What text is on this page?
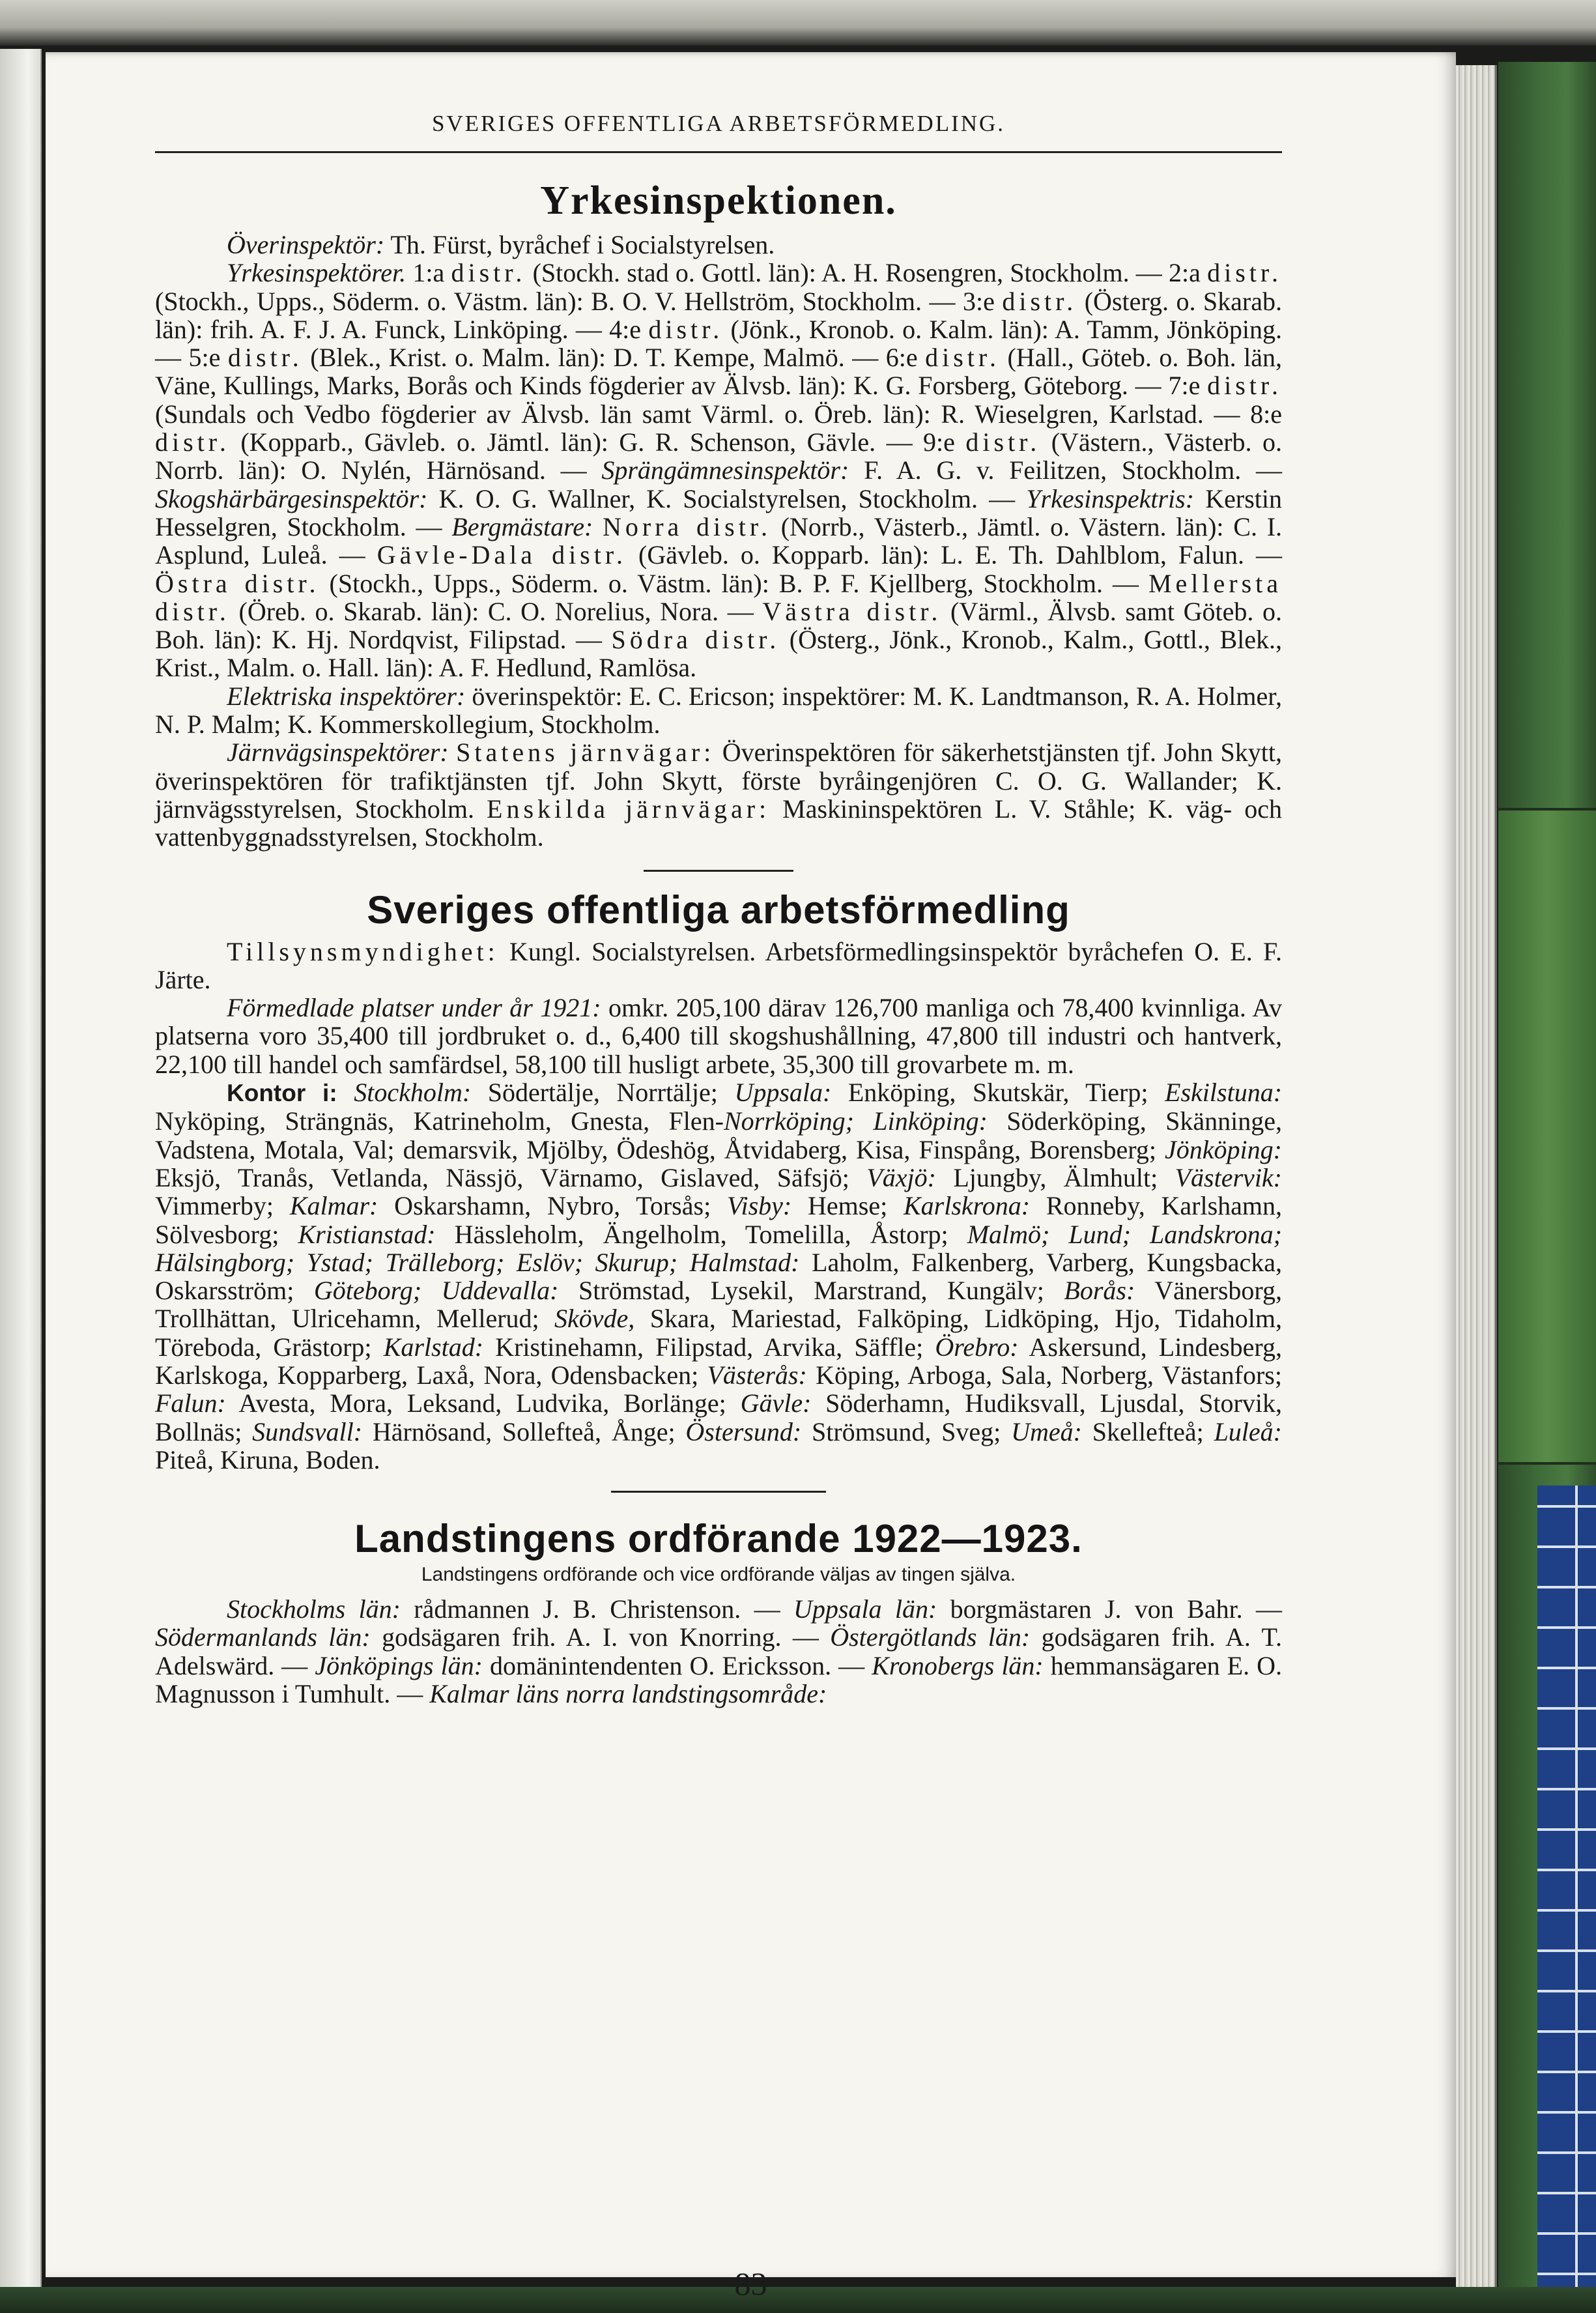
83
SVERIGES OFFENTLIGA ARBETSFÖRMEDLING.
Yrkesinspektionen.

Överinspektör: Th. Fürst, byråchef i Socialstyrelsen.

Yrkesinspektörer. 1:a distr. (Stockh. stad o. Gottl. län): A. H. Rosengren, Stockholm. — 2:a distr. (Stockh., Upps., Söderm. o. Västm. län): B. O. V. Hellström, Stockholm. — 3:e distr. (Österg. o. Skarab. län): frih. A. F. J. A. Funck, Linköping. — 4:e distr. (Jönk., Kronob. o. Kalm. län): A. Tamm, Jönköping. — 5:e distr. (Blek., Krist. o. Malm. län): D. T. Kempe, Malmö. — 6:e distr. (Hall., Göteb. o. Boh. län, Väne, Kullings, Marks, Borås och Kinds fögderier av Älvsb. län): K. G. Forsberg, Göteborg. — 7:e distr. (Sundals och Vedbo fögderier av Älvsb. län samt Värml. o. Öreb. län): R. Wieselgren, Karlstad. — 8:e distr. (Kopparb., Gävleb. o. Jämtl. län): G. R. Schenson, Gävle. — 9:e distr. (Västern., Västerb. o. Norrb. län): O. Nylén, Härnösand. — Sprängämnesinspektör: F. A. G. v. Feilitzen, Stockholm. — Skogshärbärgesinspektör: K. O. G. Wallner, K. Socialstyrelsen, Stockholm. — Yrkesinspektris: Kerstin Hesselgren, Stockholm. — Bergmästare: Norra distr. (Norrb., Västerb., Jämtl. o. Västern. län): C. I. Asplund, Luleå. — Gävle-Dala distr. (Gävleb. o. Kopparb. län): L. E. Th. Dahlblom, Falun. — Östra distr. (Stockh., Upps., Söderm. o. Västm. län): B. P. F. Kjellberg, Stockholm. — Mellersta distr. (Öreb. o. Skarab. län): C. O. Norelius, Nora. — Västra distr. (Värml., Älvsb. samt Göteb. o. Boh. län): K. Hj. Nordqvist, Filipstad. — Södra distr. (Österg., Jönk., Kronob., Kalm., Gottl., Blek., Krist., Malm. o. Hall. län): A. F. Hedlund, Ramlösa.

Elektriska inspektörer: överinspektör: E. C. Ericson; inspektörer: M. K. Landtmanson, R. A. Holmer, N. P. Malm; K. Kommerskollegium, Stockholm.

Järnvägsinspektörer: Statens järnvägar: Överinspektören för säkerhetstjänsten tjf. John Skytt, överinspektören för trafiktjänsten tjf. John Skytt, förste byråingenjören C. O. G. Wallander; K. järnvägsstyrelsen, Stockholm. Enskilda järnvägar: Maskininspektören L. V. Ståhle; K. väg- och vattenbyggnadsstyrelsen, Stockholm.

Sveriges offentliga arbetsförmedling

Tillsynsmyndighet: Kungl. Socialstyrelsen. Arbetsförmedlingsinspektör byråchefen O. E. F. Järte.

Förmedlade platser under år 1921: omkr. 205,100 därav 126,700 manliga och 78,400 kvinnliga. Av platserna voro 35,400 till jordbruket o. d., 6,400 till skogshushållning, 47,800 till industri och hantverk, 22,100 till handel och samfärdsel, 58,100 till husligt arbete, 35,300 till grovarbete m. m.

Kontor i: Stockholm: Södertälje, Norrtälje; Uppsala: Enköping, Skutskär, Tierp; Eskilstuna: Nyköping, Strängnäs, Katrineholm, Gnesta, Flen-Norrköping; Linköping: Söderköping, Skänninge, Vadstena, Motala, Val; demarsvik, Mjölby, Ödeshög, Åtvidaberg, Kisa, Finspång, Borensberg; Jönköping: Eksjö, Tranås, Vetlanda, Nässjö, Värnamo, Gislaved, Säfsjö; Växjö: Ljungby, Älmhult; Västervik: Vimmerby; Kalmar: Oskarshamn, Nybro, Torsås; Visby: Hemse; Karlskrona: Ronneby, Karlshamn, Sölvesborg; Kristianstad: Hässleholm, Ängelholm, Tomelilla, Åstorp; Malmö; Lund; Landskrona; Hälsingborg; Ystad; Trälleborg; Eslöv; Skurup; Halmstad: Laholm, Falkenberg, Varberg, Kungsbacka, Oskarsström; Göteborg; Uddevalla: Strömstad, Lysekil, Marstrand, Kungälv; Borås: Vänersborg, Trollhättan, Ulricehamn, Mellerud; Skövde, Skara, Mariestad, Falköping, Lidköping, Hjo, Tidaholm, Töreboda, Grästorp; Karlstad: Kristinehamn, Filipstad, Arvika, Säffle; Örebro: Askersund, Lindesberg, Karlskoga, Kopparberg, Laxå, Nora, Odensbacken; Västerås: Köping, Arboga, Sala, Norberg, Västanfors; Falun: Avesta, Mora, Leksand, Ludvika, Borlänge; Gävle: Söderhamn, Hudiksvall, Ljusdal, Storvik, Bollnäs; Sundsvall: Härnösand, Sollefteå, Ånge; Östersund: Strömsund, Sveg; Umeå: Skellefteå; Luleå: Piteå, Kiruna, Boden.

Landstingens ordförande 1922—1923.
Landstingens ordförande och vice ordförande väljas av tingen själva.

Stockholms län: rådmannen J. B. Christenson. — Uppsala län: borgmästaren J. von Bahr. — Södermanlands län: godsägaren frih. A. I. von Knorring. — Östergötlands län: godsägaren frih. A. T. Adelswärd. — Jönköpings län: domänintendenten O. Ericksson. — Kronobergs län: hemmansägaren E. O. Magnusson i Tumhult. — Kalmar läns norra landstingsområde:
